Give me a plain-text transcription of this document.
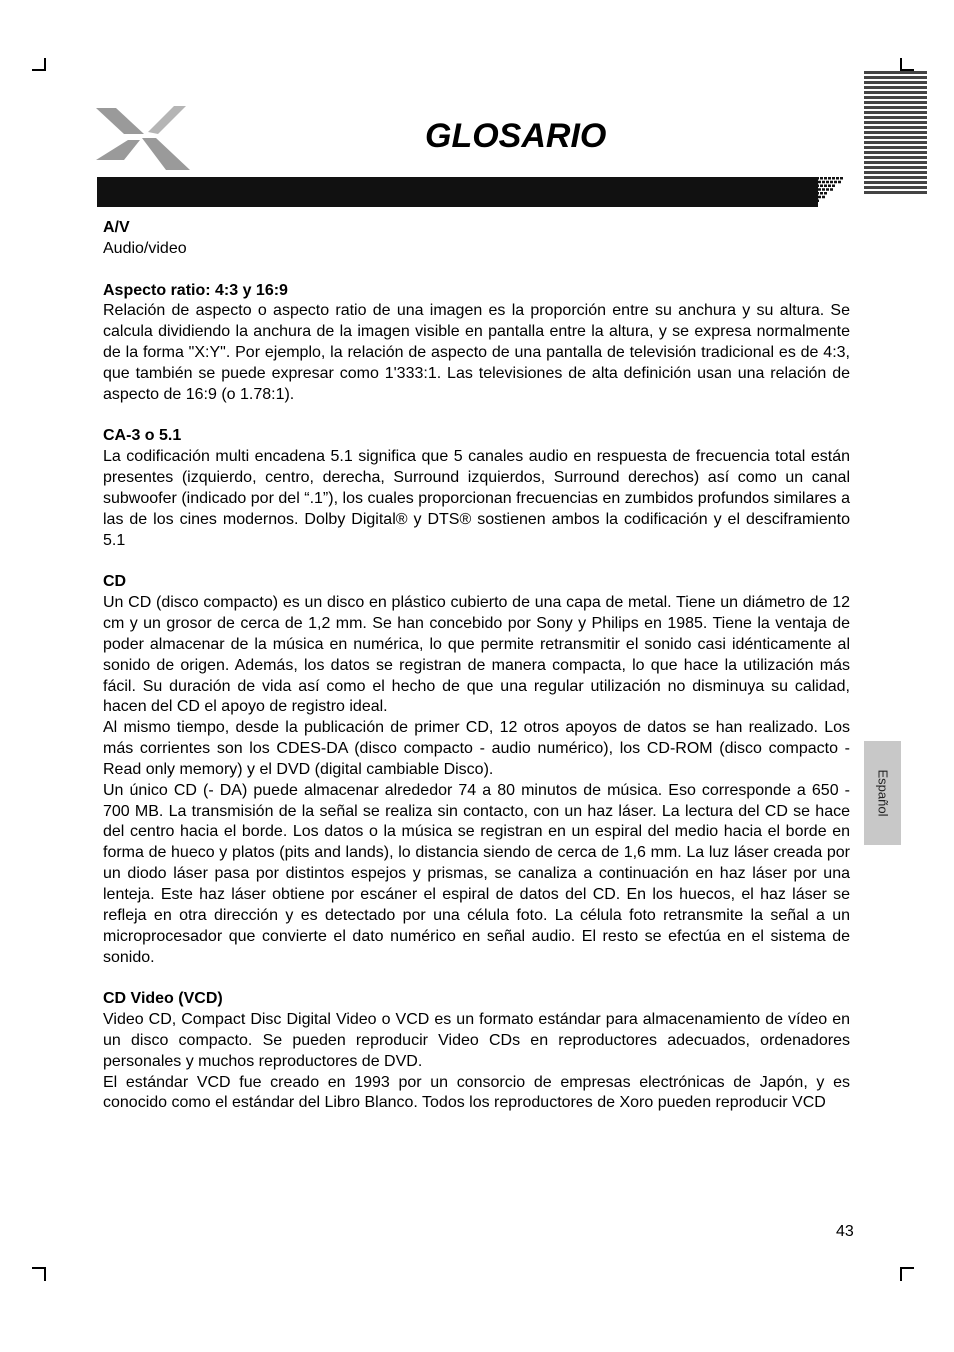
GLOSARIO
Español

A/V

Audio/video

Aspecto ratio: 4:3 y 16:9

Relación de aspecto o aspecto ratio de una imagen es la proporción entre su anchura y su altura. Se calcula dividiendo la anchura de la imagen visible en pantalla entre la altura, y se expresa normalmente de la forma "X:Y". Por ejemplo, la relación de aspecto de una pantalla de televisión tradicional es de 4:3, que también se puede expresar como 1'333:1. Las televisiones de alta definición usan una relación de aspecto de 16:9 (o 1.78:1).

CA-3 o 5.1

La codificación multi encadena 5.1 significa que 5 canales audio en respuesta de frecuencia total están presentes (izquierdo, centro, derecha, Surround izquierdos, Surround derechos) así como un canal subwoofer (indicado por del “.1”), los cuales proporcionan frecuencias en zumbidos profundos similares a las de los cines modernos. Dolby Digital® y DTS® sostienen ambos la codificación y el desciframiento 5.1

CD

Un CD (disco compacto) es un disco en plástico cubierto de una capa de metal. Tiene un diámetro de 12 cm y un grosor de cerca de 1,2 mm. Se han concebido por Sony y Philips en 1985. Tiene la ventaja de poder almacenar de la música en numérica, lo que permite retransmitir el sonido casi idénticamente al sonido de origen. Además, los datos se registran de manera compacta, lo que hace la utilización más fácil. Su duración de vida así como el hecho de que una regular utilización no disminuya su calidad, hacen del CD el apoyo de registro ideal.

Al mismo tiempo, desde la publicación de primer CD, 12 otros apoyos de datos se han realizado. Los más corrientes son los CDES-DA (disco compacto - audio numérico), los CD-ROM (disco compacto - Read only memory) y el DVD (digital cambiable Disco).

Un único CD (- DA) puede almacenar alrededor 74 a 80 minutos de música. Eso corresponde a 650 - 700 MB. La transmisión de la señal se realiza sin contacto, con un haz láser. La lectura del CD se hace del centro hacia el borde. Los datos o la música se registran en un espiral del medio hacia el borde en forma de hueco y platos (pits and lands), lo distancia siendo de cerca de 1,6 mm. La luz láser creada por un diodo láser pasa por distintos espejos y prismas, se canaliza a continuación en haz láser por una lenteja. Este haz láser obtiene por escáner el espiral de datos del CD. En los huecos, el haz láser se refleja en otra dirección y es detectado por una célula foto. La célula foto retransmite la señal a un microprocesador que convierte el dato numérico en señal audio. El resto se efectúa en el sistema de sonido.

CD Video (VCD)

Video CD, Compact Disc Digital Video o VCD es un formato estándar para almacenamiento de vídeo en un disco compacto. Se pueden reproducir Video CDs en reproductores adecuados, ordenadores personales y muchos reproductores de DVD.

El estándar VCD fue creado en 1993 por un consorcio de empresas electrónicas de Japón, y es conocido como el estándar del Libro Blanco. Todos los reproductores de Xoro pueden reproducir VCD

43
